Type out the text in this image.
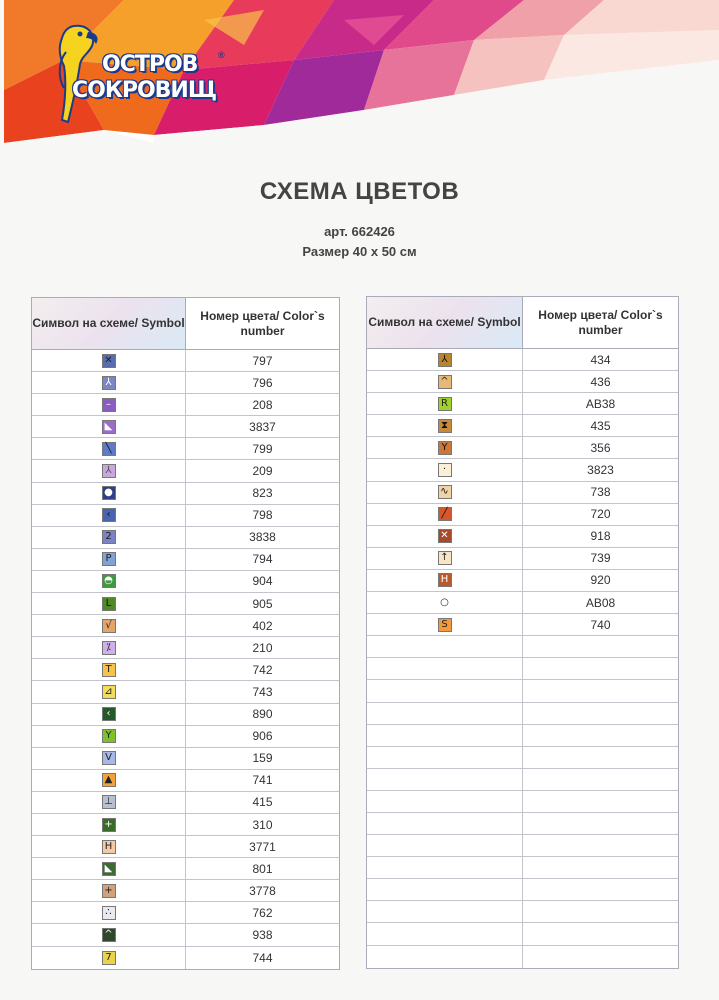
ОСТРОВ ®
СОКРОВИЩ
СХЕМА ЦВЕТОВ
арт. 662426
Размер 40 х 50 см
Символ на схеме/ Symbol
Номер цвета/ Color`s number
✕	797
⅄	796
–	208
◣	3837
╲	799
⅄	209
●	823
‹	798
2	3838
P	794
◓	904
L	905
√	402
⁒	210
T	742
⊿	743
‹	890
Y	906
V	159
▲	741
⊥	415
+	310
H	3771
◣	801
+	3778
∴	762
^	938
7	744
Символ на схеме/ Symbol
Номер цвета/ Color`s number
⅄	434
^	436
R	AB38
⧗	435
Y	356
·	3823
∿	738
╱	720
✕	918
↑	739
H	920
○	AB08
S	740
